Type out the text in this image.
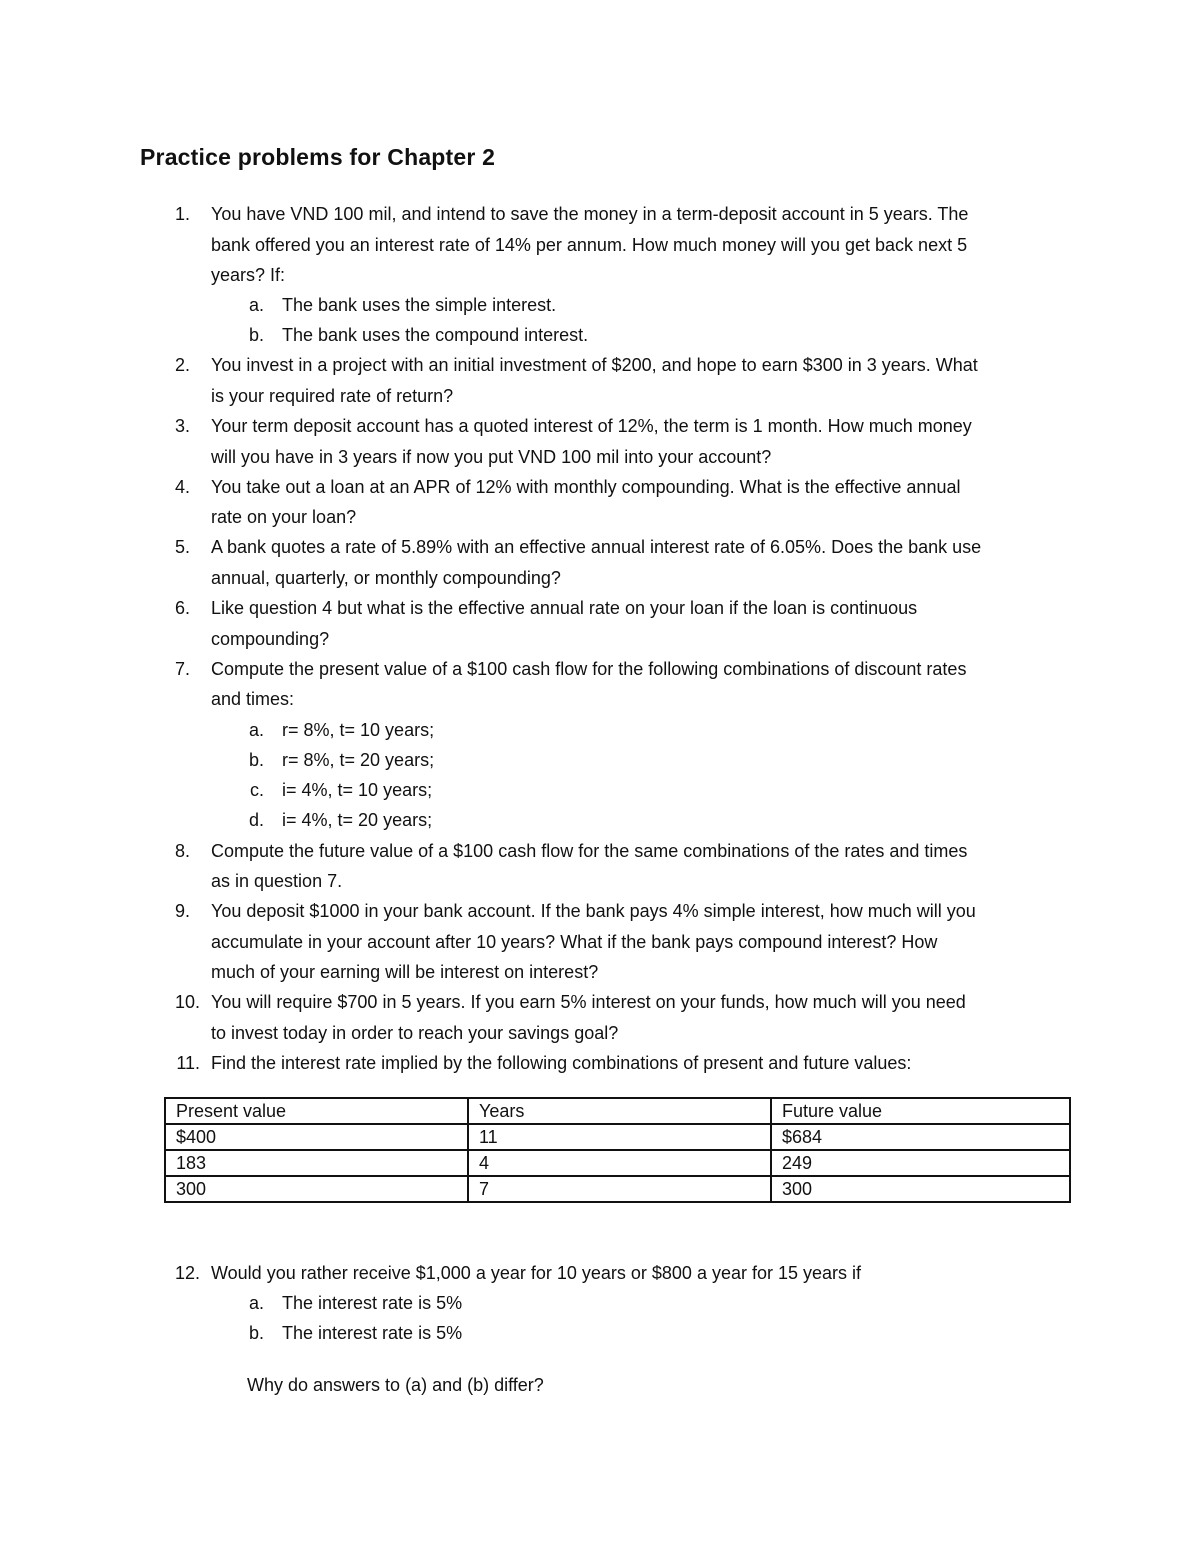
Practice problems for Chapter 2
1. You have VND 100 mil, and intend to save the money in a term-deposit account in 5 years. The
bank offered you an interest rate of 14% per annum. How much money will you get back next 5
years? If:
a. The bank uses the simple interest.
b. The bank uses the compound interest.
2. You invest in a project with an initial investment of $200, and hope to earn $300 in 3 years. What
is your required rate of return?
3. Your term deposit account has a quoted interest of 12%, the term is 1 month. How much money
will you have in 3 years if now you put VND 100 mil into your account?
4. You take out a loan at an APR of 12% with monthly compounding. What is the effective annual
rate on your loan?
5. A bank quotes a rate of 5.89% with an effective annual interest rate of 6.05%. Does the bank use
annual, quarterly, or monthly compounding?
6. Like question 4 but what is the effective annual rate on your loan if the loan is continuous
compounding?
7. Compute the present value of a $100 cash flow for the following combinations of discount rates
and times:
a. r= 8%, t= 10 years;
b. r= 8%, t= 20 years;
c. i= 4%, t= 10 years;
d. i= 4%, t= 20 years;
8. Compute the future value of a $100 cash flow for the same combinations of the rates and times
as in question 7.
9. You deposit $1000 in your bank account. If the bank pays 4% simple interest, how much will you
accumulate in your account after 10 years? What if the bank pays compound interest? How
much of your earning will be interest on interest?
10. You will require $700 in 5 years. If you earn 5% interest on your funds, how much will you need
to invest today in order to reach your savings goal?
11. Find the interest rate implied by the following combinations of present and future values:
Present value	Years	Future value
$400	11	$684
183	4	249
300	7	300
12. Would you rather receive $1,000 a year for 10 years or $800 a year for 15 years if
a. The interest rate is 5%
b. The interest rate is 5%
Why do answers to (a) and (b) differ?
